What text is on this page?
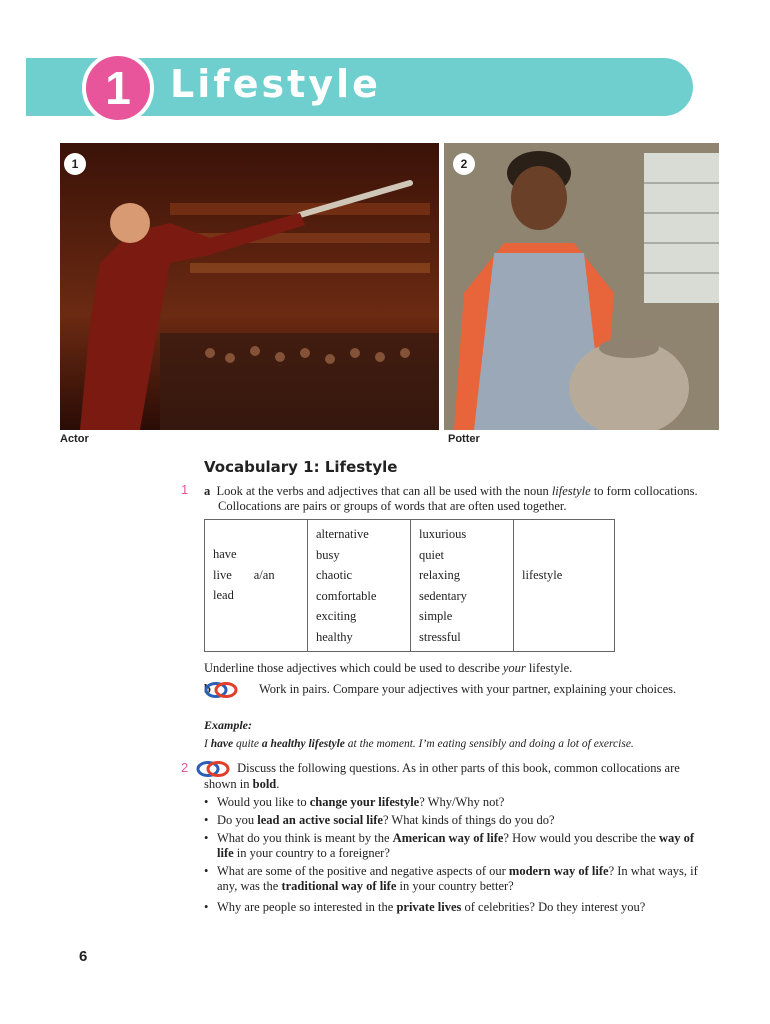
1	Lifestyle
1
Actor
2
Potter
Vocabulary 1: Lifestyle
1 a Look at the verbs and adjectives that can all be used with the noun lifestyle to form collocations. Collocations are pairs or groups of words that are often used together.
have
live a/an
lead

alternative
busy
chaotic
comfortable
exciting
healthy

luxurious
quiet
relaxing
sedentary
simple
stressful

lifestyle
Underline those adjectives which could be used to describe your lifestyle.
b	Work in pairs. Compare your adjectives with your partner, explaining your choices.
Example:
I have quite a healthy lifestyle at the moment. I’m eating sensibly and doing a lot of exercise.
2	Discuss the following questions. As in other parts of this book, common collocations are shown in bold.
• Would you like to change your lifestyle? Why/Why not?
• Do you lead an active social life? What kinds of things do you do?
• What do you think is meant by the American way of life? How would you describe the way of life in your country to a foreigner?
• What are some of the positive and negative aspects of our modern way of life? In what ways, if any, was the traditional way of life in your country better?
• Why are people so interested in the private lives of celebrities? Do they interest you?
6
